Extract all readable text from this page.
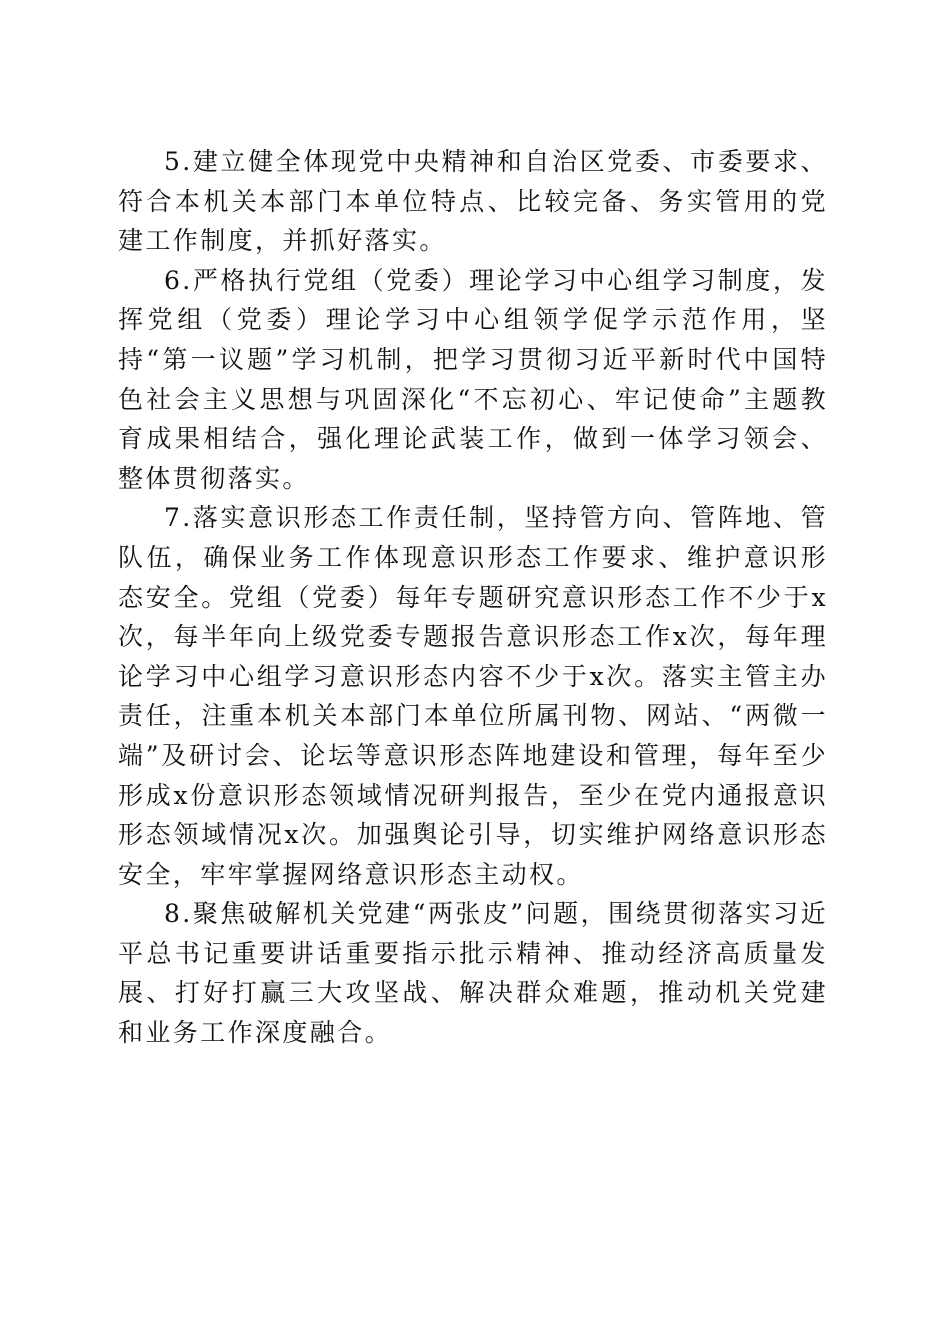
5.建立健全体现党中央精神和自治区党委、市委要求、符合本机关本部门本单位特点、比较完备、务实管用的党建工作制度，并抓好落实。

6.严格执行党组（党委）理论学习中心组学习制度，发挥党组（党委）理论学习中心组领学促学示范作用，坚持“第一议题”学习机制，把学习贯彻习近平新时代中国特色社会主义思想与巩固深化“不忘初心、牢记使命”主题教育成果相结合，强化理论武装工作，做到一体学习领会、整体贯彻落实。

7.落实意识形态工作责任制，坚持管方向、管阵地、管队伍，确保业务工作体现意识形态工作要求、维护意识形态安全。党组（党委）每年专题研究意识形态工作不少于x次，每半年向上级党委专题报告意识形态工作x次，每年理论学习中心组学习意识形态内容不少于x次。落实主管主办责任，注重本机关本部门本单位所属刊物、网站、“两微一端”及研讨会、论坛等意识形态阵地建设和管理，每年至少形成x份意识形态领域情况研判报告，至少在党内通报意识形态领域情况x次。加强舆论引导，切实维护网络意识形态安全，牢牢掌握网络意识形态主动权。

8.聚焦破解机关党建“两张皮”问题，围绕贯彻落实习近平总书记重要讲话重要指示批示精神、推动经济高质量发展、打好打赢三大攻坚战、解决群众难题，推动机关党建和业务工作深度融合。
